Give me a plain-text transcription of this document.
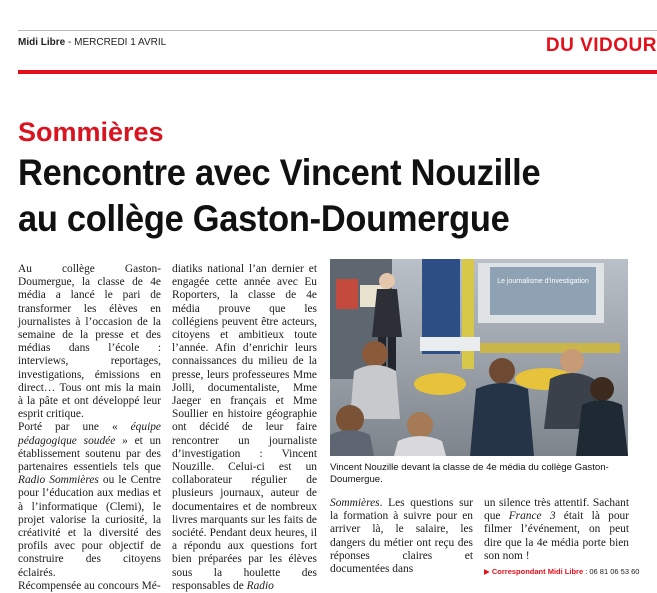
Midi Libre - MERCREDI 1 AVRIL	DU VIDOUR
Sommières
Rencontre avec Vincent Nouzille
au collège Gaston-Doumergue

Au collège Gaston-Doumergue, la classe de 4e média a lancé le pari de transformer les élèves en journalistes à l’occasion de la semaine de la presse et des médias dans l’école : interviews, reportages, investigations, émissions en direct… Tous ont mis la main à la pâte et ont développé leur esprit critique.

Porté par une « équipe pédagogique soudée » et un établissement soutenu par des partenaires essentiels tels que Radio Sommières ou le Centre pour l’éducation aux medias et à l’informatique (Clemi), le projet valorise la curiosité, la créativité et la diversité des profils avec pour objectif de construire des citoyens éclairés.

Récompensée au concours Mé-

diatiks national l’an dernier et engagée cette année avec Eu Roporters, la classe de 4e média prouve que les collégiens peuvent être acteurs, citoyens et ambitieux toute l’année. Afin d’enrichir leurs connaissances du milieu de la presse, leurs professeures Mme Jolli, documentaliste, Mme Jaeger en français et Mme Soullier en histoire géographie ont décidé de leur faire rencontrer un journaliste d’investigation : Vincent Nouzille. Celui-ci est un collaborateur régulier de plusieurs journaux, auteur de documentaires et de nombreux livres marquants sur les faits de société. Pendant deux heures, il a répondu aux questions fort bien préparées par les élèves sous la houlette des responsables de Radio

Le journalisme d'investigation
Vincent Nouzille devant la classe de 4e média du collège Gaston-Doumergue.

Sommières. Les questions sur la formation à suivre pour en arriver là, le salaire, les dangers du métier ont reçu des réponses claires et documentées dans

un silence très attentif. Sachant que France 3 était là pour filmer l’événement, on peut dire que la 4e média porte bien son nom !

▶ Correspondant Midi Libre : 06 81 06 53 60
